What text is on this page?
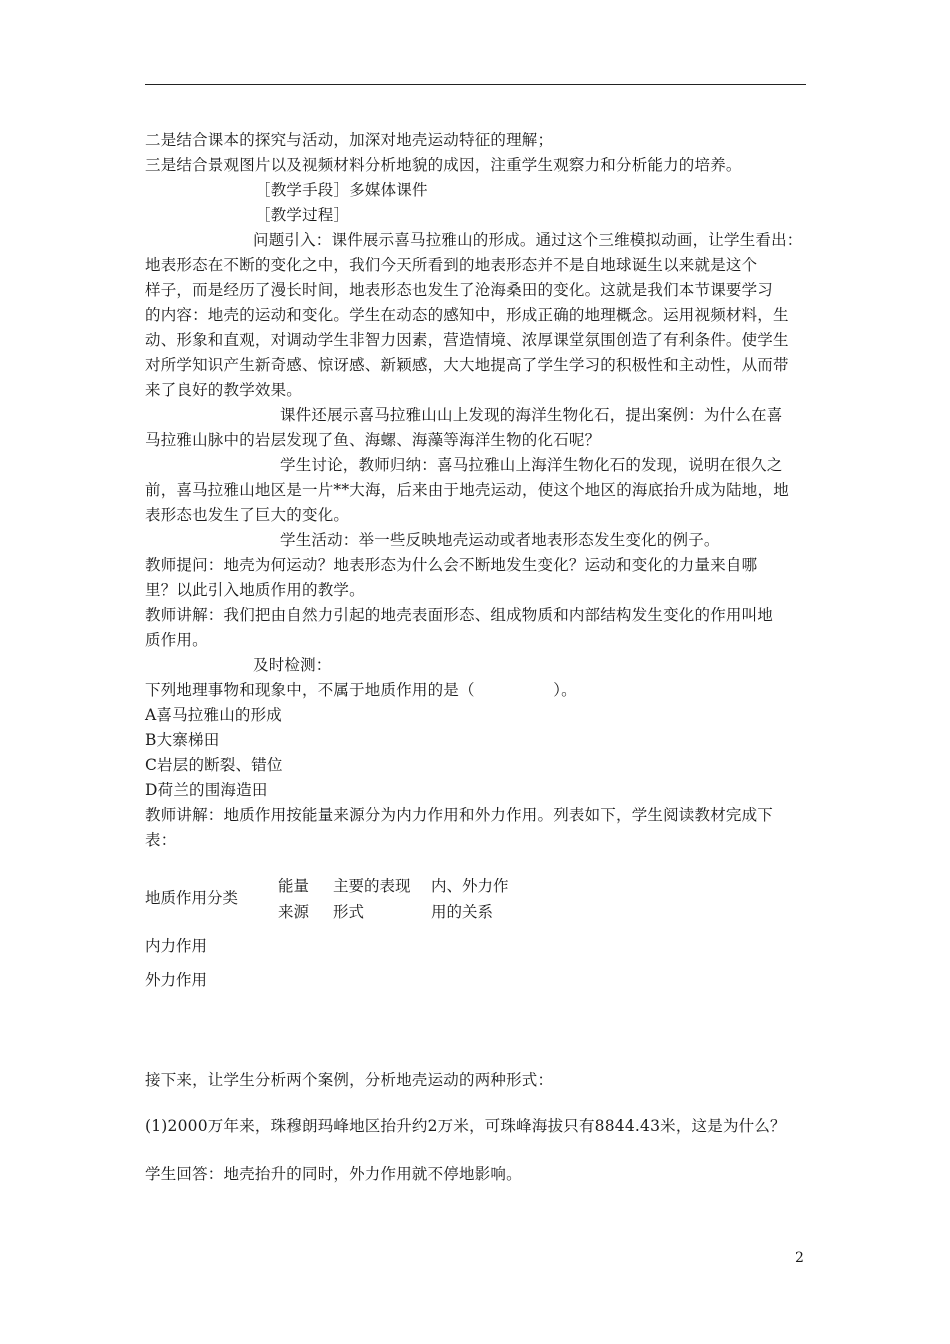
二是结合课本的探究与活动，加深对地壳运动特征的理解；
三是结合景观图片以及视频材料分析地貌的成因，注重学生观察力和分析能力的培养。
［教学手段］多媒体课件
［教学过程］
问题引入：课件展示喜马拉雅山的形成。通过这个三维模拟动画，让学生看出：
地表形态在不断的变化之中，我们今天所看到的地表形态并不是自地球诞生以来就是这个
样子，而是经历了漫长时间，地表形态也发生了沧海桑田的变化。这就是我们本节课要学习
的内容：地壳的运动和变化。学生在动态的感知中，形成正确的地理概念。运用视频材料，生
动、形象和直观，对调动学生非智力因素，营造情境、浓厚课堂氛围创造了有利条件。使学生
对所学知识产生新奇感、惊讶感、新颖感，大大地提高了学生学习的积极性和主动性，从而带
来了良好的教学效果。
课件还展示喜马拉雅山山上发现的海洋生物化石，提出案例：为什么在喜
马拉雅山脉中的岩层发现了鱼、海螺、海藻等海洋生物的化石呢？
学生讨论，教师归纳：喜马拉雅山上海洋生物化石的发现，说明在很久之
前，喜马拉雅山地区是一片**大海，后来由于地壳运动，使这个地区的海底抬升成为陆地，地
表形态也发生了巨大的变化。
学生活动：举一些反映地壳运动或者地表形态发生变化的例子。
教师提问：地壳为何运动？地表形态为什么会不断地发生变化？运动和变化的力量来自哪
里？以此引入地质作用的教学。
教师讲解：我们把由自然力引起的地壳表面形态、组成物质和内部结构发生变化的作用叫地
质作用。
及时检测：
下列地理事物和现象中，不属于地质作用的是（　　　　　）。
A喜马拉雅山的形成
B大寨梯田
C岩层的断裂、错位
D荷兰的围海造田
教师讲解：地质作用按能量来源分为内力作用和外力作用。列表如下，学生阅读教材完成下
表：
地质作用分类
能量
来源
主要的表现
形式
内、外力作
用的关系
内力作用
外力作用
接下来，让学生分析两个案例，分析地壳运动的两种形式：
(1)2000万年来，珠穆朗玛峰地区抬升约2万米，可珠峰海拔只有8844.43米，这是为什么？
学生回答：地壳抬升的同时，外力作用就不停地影响。
2
